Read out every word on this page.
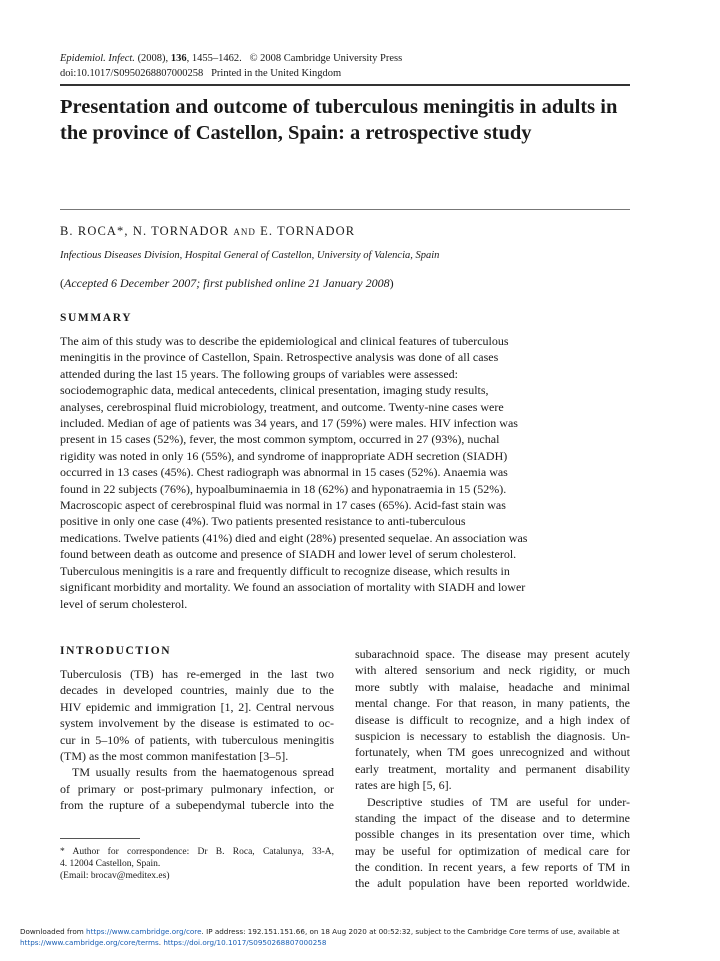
Epidemiol. Infect. (2008), 136, 1455–1462. © 2008 Cambridge University Press
doi:10.1017/S0950268807000258   Printed in the United Kingdom
Presentation and outcome of tuberculous meningitis in adults in
the province of Castellon, Spain: a retrospective study
B. ROCA*, N. TORNADOR AND E. TORNADOR
Infectious Diseases Division, Hospital General of Castellon, University of Valencia, Spain
(Accepted 6 December 2007; first published online 21 January 2008)
SUMMARY
The aim of this study was to describe the epidemiological and clinical features of tuberculous
meningitis in the province of Castellon, Spain. Retrospective analysis was done of all cases
attended during the last 15 years. The following groups of variables were assessed:
sociodemographic data, medical antecedents, clinical presentation, imaging study results,
analyses, cerebrospinal fluid microbiology, treatment, and outcome. Twenty-nine cases were
included. Median of age of patients was 34 years, and 17 (59%) were males. HIV infection was
present in 15 cases (52%), fever, the most common symptom, occurred in 27 (93%), nuchal
rigidity was noted in only 16 (55%), and syndrome of inappropriate ADH secretion (SIADH)
occurred in 13 cases (45%). Chest radiograph was abnormal in 15 cases (52%). Anaemia was
found in 22 subjects (76%), hypoalbuminaemia in 18 (62%) and hyponatraemia in 15 (52%).
Macroscopic aspect of cerebrospinal fluid was normal in 17 cases (65%). Acid-fast stain was
positive in only one case (4%). Two patients presented resistance to anti-tuberculous
medications. Twelve patients (41%) died and eight (28%) presented sequelae. An association was
found between death as outcome and presence of SIADH and lower level of serum cholesterol.
Tuberculous meningitis is a rare and frequently difficult to recognize disease, which results in
significant morbidity and mortality. We found an association of mortality with SIADH and lower
level of serum cholesterol.
INTRODUCTION
Tuberculosis (TB) has re-emerged in the last two
decades in developed countries, mainly due to the
HIV epidemic and immigration [1, 2]. Central nervous
system involvement by the disease is estimated to oc-
cur in 5–10% of patients, with tuberculous meningitis
(TM) as the most common manifestation [3–5].
TM usually results from the haematogenous spread
of primary or post-primary pulmonary infection, or
from the rupture of a subependymal tubercle into the
subarachnoid space. The disease may present acutely
with altered sensorium and neck rigidity, or much
more subtly with malaise, headache and minimal
mental change. For that reason, in many patients, the
disease is difficult to recognize, and a high index of
suspicion is necessary to establish the diagnosis. Un-
fortunately, when TM goes unrecognized and without
early treatment, mortality and permanent disability
rates are high [5, 6].
Descriptive studies of TM are useful for under-
standing the impact of the disease and to determine
possible changes in its presentation over time, which
may be useful for optimization of medical care for
the condition. In recent years, a few reports of TM in
the adult population have been reported worldwide.
* Author for correspondence: Dr B. Roca, Catalunya, 33-A,
4. 12004 Castellon, Spain.
(Email: brocav@meditex.es)
Downloaded from https://www.cambridge.org/core. IP address: 192.151.151.66, on 18 Aug 2020 at 00:52:32, subject to the Cambridge Core terms of use, available at
https://www.cambridge.org/core/terms. https://doi.org/10.1017/S0950268807000258
